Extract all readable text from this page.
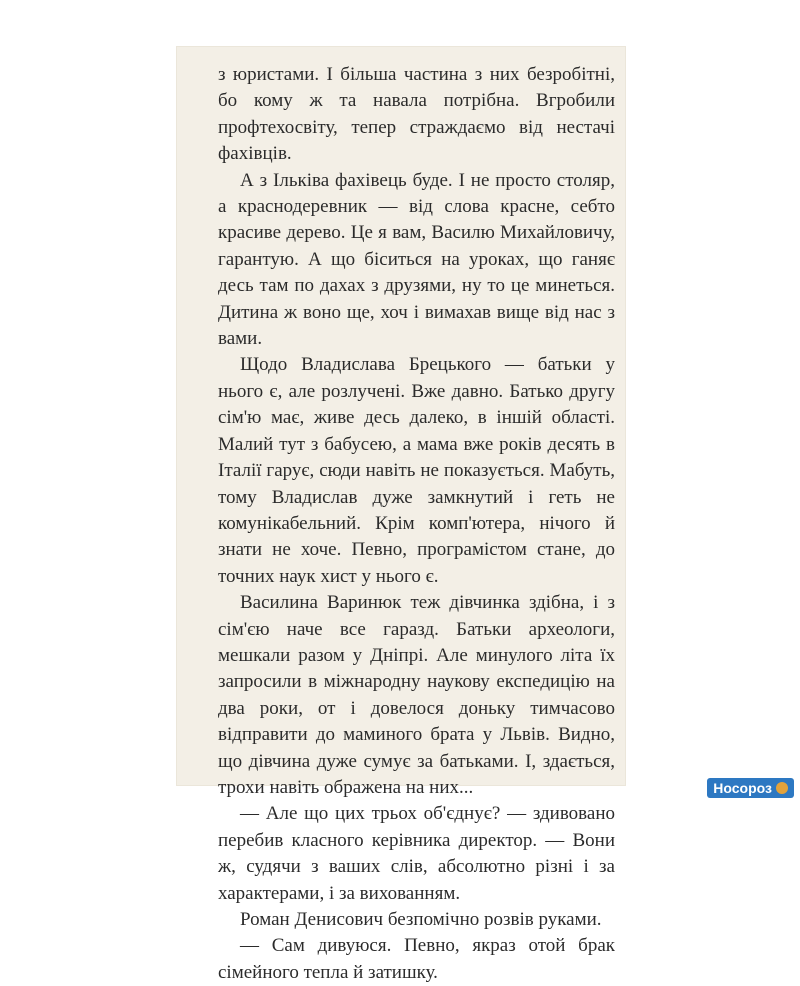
з юристами. І більша частина з них безробітні, бо кому ж та навала потрібна. Вгробили профтехосвіту, тепер страждаємо від нестачі фахівців.

А з Ільківа фахівець буде. І не просто столяр, а краснодеревник — від слова красне, себто красиве дерево. Це я вам, Василю Михайловичу, гарантую. А що біситься на уроках, що ганяє десь там по дахах з друзями, ну то це минеться. Дитина ж воно ще, хоч і вимахав вище від нас з вами.

Щодо Владислава Брецького — батьки у нього є, але розлучені. Вже давно. Батько другу сім'ю має, живе десь далеко, в іншій області. Малий тут з бабусею, а мама вже років десять в Італії гарує, сюди навіть не показується. Мабуть, тому Владислав дуже замкнутий і геть не комунікабельний. Крім комп'ютера, нічого й знати не хоче. Певно, програмістом стане, до точних наук хист у нього є.

Василина Варинюк теж дівчинка здібна, і з сім'єю наче все гаразд. Батьки археологи, мешкали разом у Дніпрі. Але минулого літа їх запросили в міжнародну наукову експедицію на два роки, от і довелося доньку тимчасово відправити до маминого брата у Львів. Видно, що дівчина дуже сумує за батьками. І, здається, трохи навіть ображена на них...

— Але що цих трьох об'єднує? — здивовано перебив класного керівника директор. — Вони ж, судячи з ваших слів, абсолютно різні і за характерами, і за вихованням.

Роман Денисович безпомічно розвів руками.

— Сам дивуюся. Певно, якраз отой брак сімейного тепла й затишку.

Носороз
